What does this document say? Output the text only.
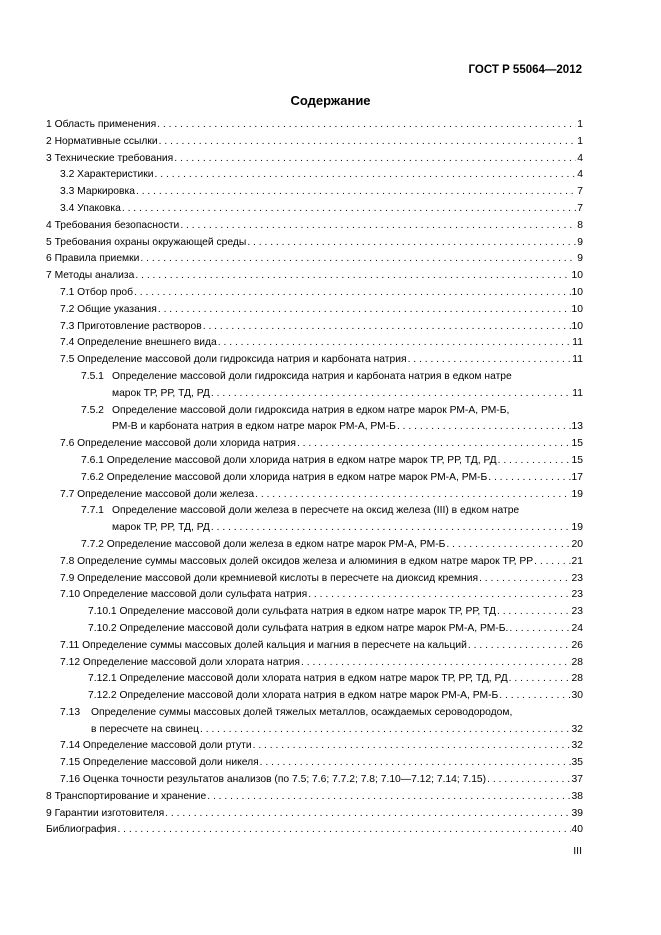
ГОСТ Р 55064—2012
Содержание
1 Область применения . . .	1
2 Нормативные ссылки . . .	1
3 Технические требования . . .	4
3.2 Характеристики . . .	4
3.3 Маркировка . . .	7
3.4 Упаковка . . .	7
4 Требования безопасности . . .	8
5 Требования охраны окружающей среды . . .	9
6 Правила приемки . . .	9
7 Методы анализа . . .	10
7.1 Отбор проб . . .	10
7.2 Общие указания . . .	10
7.3 Приготовление растворов . . .	10
7.4 Определение внешнего вида . . .	11
7.5 Определение массовой доли гидроксида натрия и карбоната натрия . . .	11
7.5.1 Определение массовой доли гидроксида натрия и карбоната натрия в едком натре
марок ТР, РР, ТД, РД . . .	11
7.5.2 Определение массовой доли гидроксида натрия в едком натре марок РМ-А, РМ-Б,
РМ-В и карбоната натрия в едком натре марок РМ-А, РМ-Б . . .	13
7.6 Определение массовой доли хлорида натрия . . .	15
7.6.1 Определение массовой доли хлорида натрия в едком натре марок ТР, РР, ТД, РД . . .	15
7.6.2 Определение массовой доли хлорида натрия в едком натре марок РМ-А, РМ-Б . . .	17
7.7 Определение массовой доли железа . . .	19
7.7.1 Определение массовой доли железа в пересчете на оксид железа (III) в едком натре
марок ТР, РР, ТД, РД . . .	19
7.7.2 Определение массовой доли железа в едком натре марок РМ-А, РМ-Б . . .	20
7.8 Определение суммы массовых долей оксидов железа и алюминия в едком натре марок ТР, РР . . .	21
7.9 Определение массовой доли кремниевой кислоты в пересчете на диоксид кремния . . .	23
7.10 Определение массовой доли сульфата натрия . . .	23
7.10.1 Определение массовой доли сульфата натрия в едком натре марок ТР, РР, ТД . . .	23
7.10.2 Определение массовой доли сульфата натрия в едком натре марок РМ-А, РМ-Б. . . .	24
7.11 Определение суммы массовых долей кальция и магния в пересчете на кальций . . .	26
7.12 Определение массовой доли хлората натрия . . .	28
7.12.1 Определение массовой доли хлората натрия в едком натре марок ТР, РР, ТД, РД . . .	28
7.12.2 Определение массовой доли хлората натрия в едком натре марок РМ-А, РМ-Б . . .	30
7.13	Определение суммы массовых долей тяжелых металлов, осаждаемых сероводородом,
в пересчете на свинец . . .	32
7.14 Определение массовой доли ртути . . .	32
7.15 Определение массовой доли никеля . . .	35
7.16 Оценка точности результатов анализов (по 7.5; 7.6; 7.7.2; 7.8; 7.10—7.12; 7.14; 7.15) . . .	37
8 Транспортирование и хранение . . .	38
9 Гарантии изготовителя . . .	39
Библиография . . .	40
III
